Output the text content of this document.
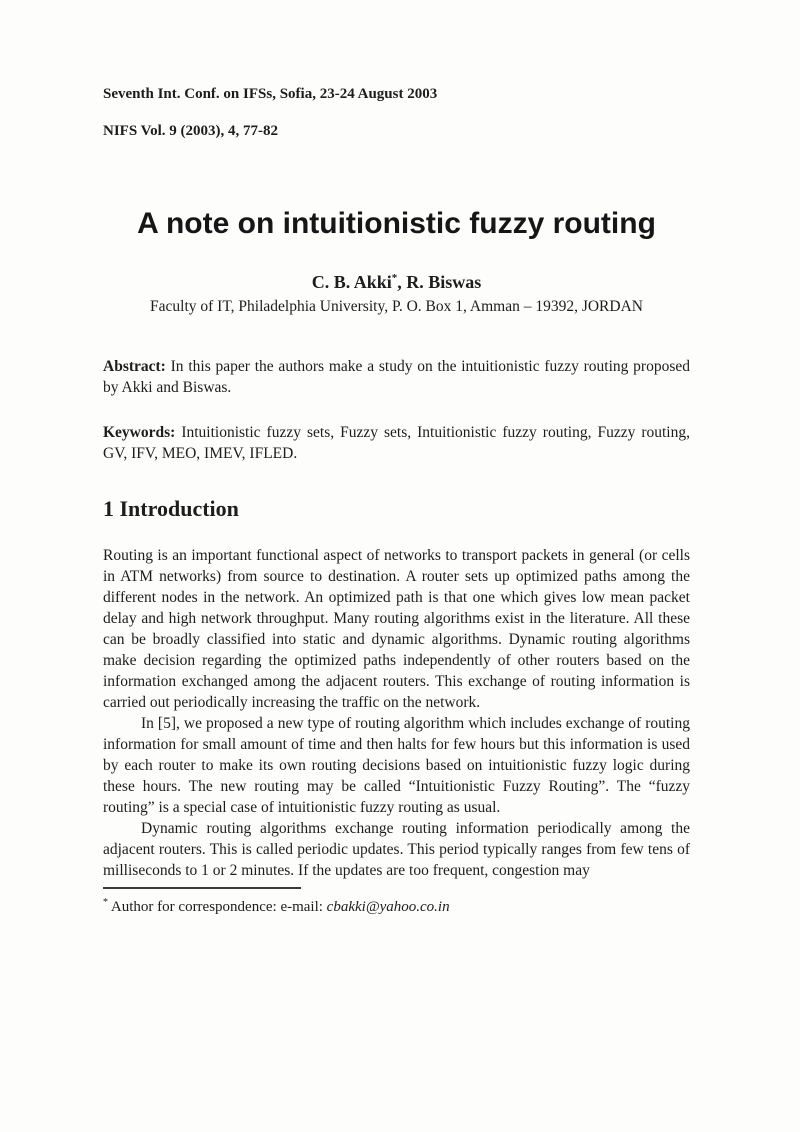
Seventh Int. Conf. on IFSs, Sofia, 23-24 August 2003
NIFS Vol. 9 (2003), 4, 77-82
A note on intuitionistic fuzzy routing
C. B. Akki*, R. Biswas
Faculty of IT, Philadelphia University, P. O. Box 1, Amman – 19392, JORDAN

Abstract: In this paper the authors make a study on the intuitionistic fuzzy routing proposed by Akki and Biswas.

Keywords: Intuitionistic fuzzy sets, Fuzzy sets, Intuitionistic fuzzy routing, Fuzzy routing, GV, IFV, MEO, IMEV, IFLED.

1 Introduction

Routing is an important functional aspect of networks to transport packets in general (or cells in ATM networks) from source to destination. A router sets up optimized paths among the different nodes in the network. An optimized path is that one which gives low mean packet delay and high network throughput. Many routing algorithms exist in the literature. All these can be broadly classified into static and dynamic algorithms. Dynamic routing algorithms make decision regarding the optimized paths independently of other routers based on the information exchanged among the adjacent routers. This exchange of routing information is carried out periodically increasing the traffic on the network.

In [5], we proposed a new type of routing algorithm which includes exchange of routing information for small amount of time and then halts for few hours but this information is used by each router to make its own routing decisions based on intuitionistic fuzzy logic during these hours. The new routing may be called “Intuitionistic Fuzzy Routing”. The “fuzzy routing” is a special case of intuitionistic fuzzy routing as usual.

Dynamic routing algorithms exchange routing information periodically among the adjacent routers. This is called periodic updates. This period typically ranges from few tens of milliseconds to 1 or 2 minutes. If the updates are too frequent, congestion may

* Author for correspondence: e-mail: cbakki@yahoo.co.in
